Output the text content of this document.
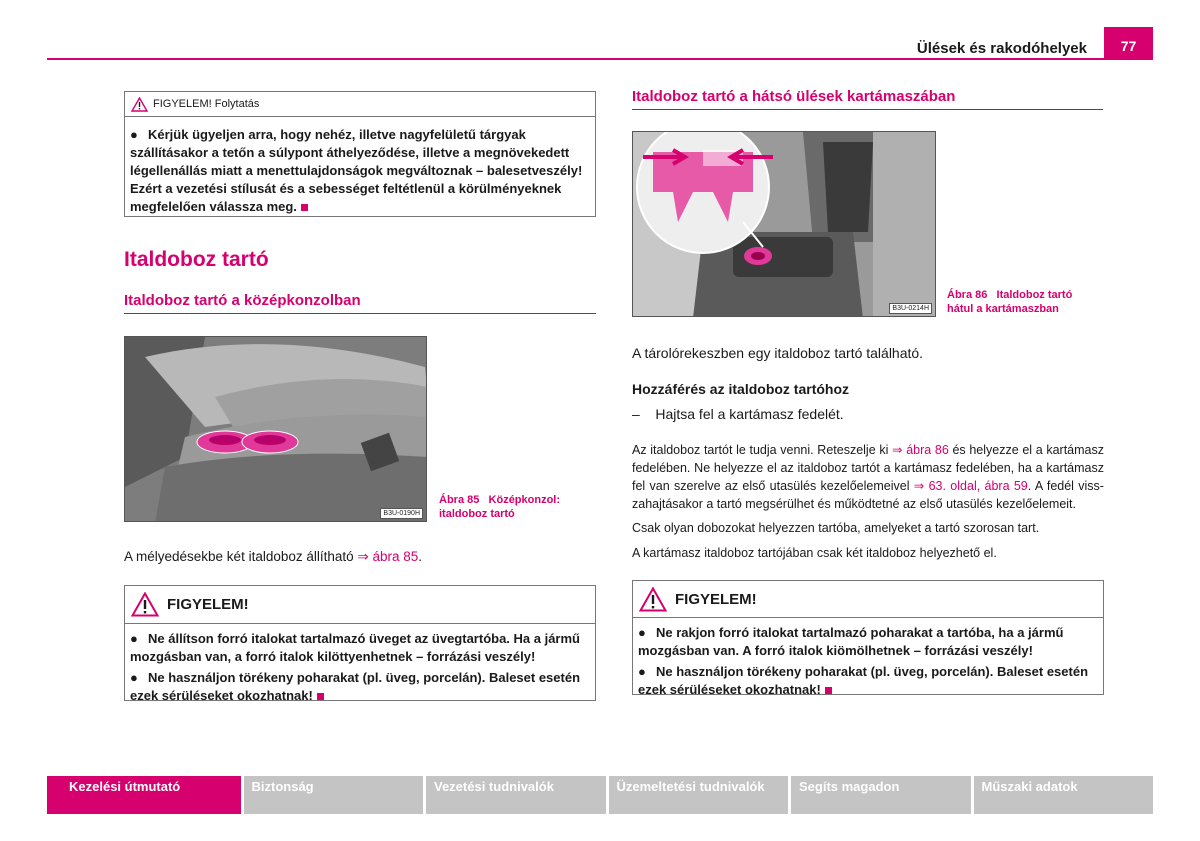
Ülések és rakodóhelyek	77
FIGYELEM! Folytatás

● Kérjük ügyeljen arra, hogy nehéz, illetve nagyfelületű tárgyak szállításakor a tetőn a súlypont áthelyeződése, illetve a megnövekedett légellenállás miatt a menettulajdonságok megváltoznak – balesetveszély! Ezért a vezetési stílusát és a sebességet feltétlenül a körülményeknek megfelelően válassza meg.

Italdoboz tartó
Italdoboz tartó a középkonzolban
B3U-0190H
Ábra 85 Középkonzol:
italdoboz tartó
A mélyedésekbe két italdoboz állítható ⇒ ábra 85.
FIGYELEM!

● Ne állítson forró italokat tartalmazó üveget az üvegtartóba. Ha a jármű mozgásban van, a forró italok kilöttyenhetnek – forrázási veszély!

● Ne használjon törékeny poharakat (pl. üveg, porcelán). Baleset esetén ezek sérüléseket okozhatnak!

Italdoboz tartó a hátsó ülések kartámaszában
B3U-0214H
Ábra 86 Italdoboz tartó
hátul a kartámaszban
A tárolórekeszben egy italdoboz tartó található.
Hozzáférés az italdoboz tartóhoz
– Hajtsa fel a kartámasz fedelét.
Az italdoboz tartót le tudja venni. Reteszelje ki ⇒ ábra 86 és helyezze el a kartámasz fedelében. Ne helyezze el az italdoboz tartót a kartámasz fedelében, ha a kartámasz fel van szerelve az első utasülés kezelőelemeivel ⇒ 63. oldal, ábra 59. A fedél viss-zahajtásakor a tartó megsérülhet és működtetné az első utasülés kezelőelemeit.
Csak olyan dobozokat helyezzen tartóba, amelyeket a tartó szorosan tart.
A kartámasz italdoboz tartójában csak két italdoboz helyezhető el.
FIGYELEM!

● Ne rakjon forró italokat tartalmazó poharakat a tartóba, ha a jármű mozgásban van. A forró italok kiömölhetnek – forrázási veszély!

● Ne használjon törékeny poharakat (pl. üveg, porcelán). Baleset esetén ezek sérüléseket okozhatnak!

Kezelési útmutató	Biztonság	Vezetési tudnivalók	Üzemeltetési tudnivalók	Segíts magadon	Műszaki adatok
